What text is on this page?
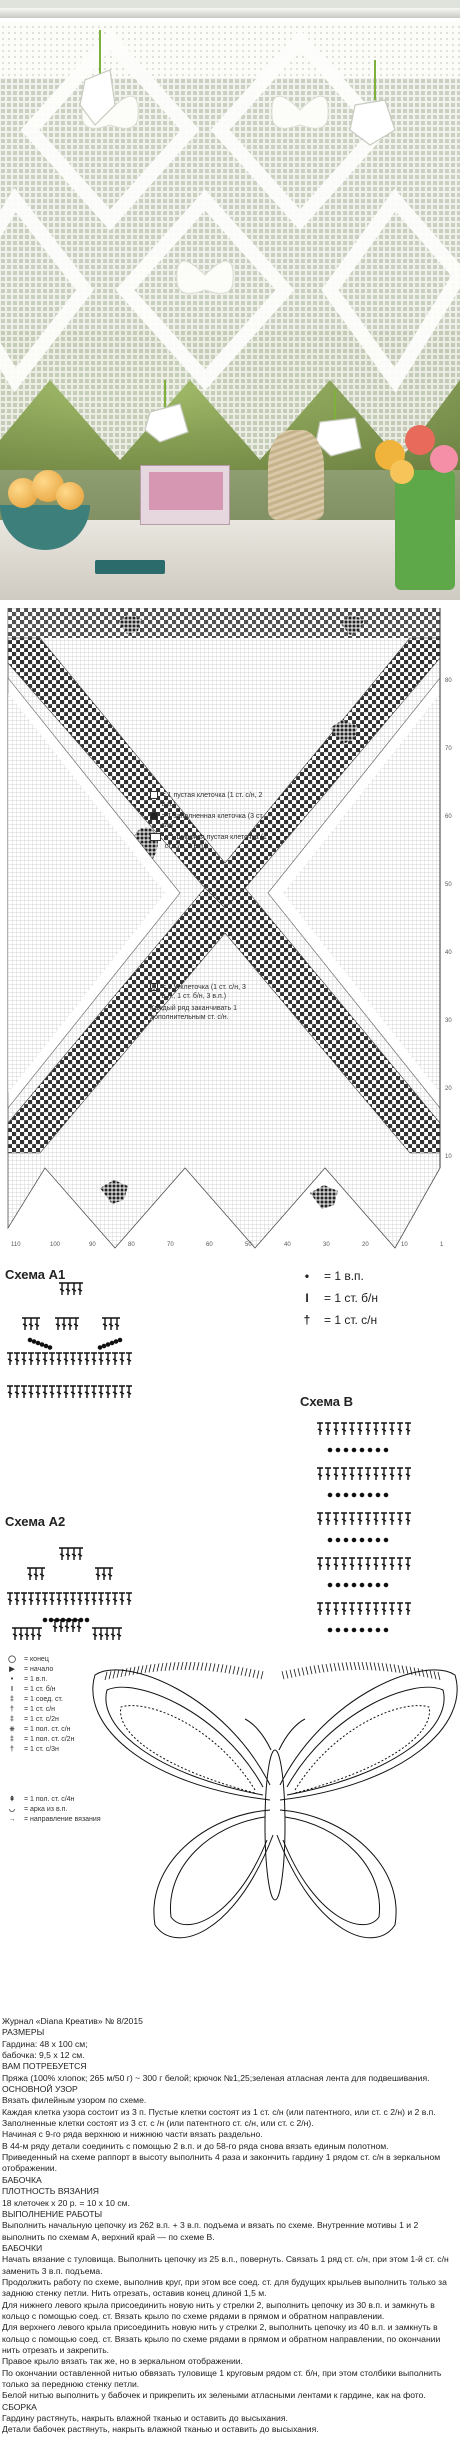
10
20
30
40
50
60
70
80
1
10
20
30
40
50
60
70
80
90
100
110
= 1 пустая клеточка (1 ст. с/н, 2 в.п.)
= 1 заполненная клеточка (3 ст. с/н)
= 1 широкая пустая клеточка (1 ст. с/н, 5 в.п.)
⌄ = 1 V-клеточка (1 ст. с/н, 3 в.п., 1 ст. б/н, 3 в.п.)
Каждый ряд заканчивать 1 дополнительным ст. с/н.
Схема А1
Схема А2
Схема В
•	= 1 в.п.
I	= 1 ст. б/н
†	= 1 ст. с/н
◯	= конец
▶	= начало
•	= 1 в.п.
I	= 1 ст. б/н
‡	= 1 соед. ст.
†	= 1 ст. с/н
‡	= 1 ст. с/2н
⧺	= 1 пол. ст. с/н
‡	= 1 пол. ст. с/2н
†	= 1 ст. с/3н
⇞	= 1 пол. ст. с/4н
◡	= арка из в.п.
→	= направление вязания

Журнал «Diana Креатив» № 8/2015

РАЗМЕРЫ

Гардина: 48 х 100 см;

бабочка: 9,5 х 12 см.

ВАМ ПОТРЕБУЕТСЯ

Пряжа (100% хлопок; 265 м/50 г) ~ 300 г белой; крючок №1,25;зеленая атласная лента для подвешивания.

ОСНОВНОЙ УЗОР

Вязать филейным узором по схеме.

Каждая клетка узора состоит из 3 п. Пустые клетки состоят из 1 ст. с/н (или патентного, или ст. с 2/н) и 2 в.п. Заполненные клетки состоят из 3 ст. с /н (или патентного ст. с/н, или ст. с 2/н).

Начиная с 9-го ряда верхнюю и нижнюю части вязать раздельно.

В 44-м ряду детали соединить с помощью 2 в.п. и до 58-го ряда снова вязать единым полотном.

Приведенный на схеме раппорт в высоту выполнить 4 раза и закончить гардину 1 рядом ст. с/н в зеркальном отображении.

БАБОЧКА

ПЛОТНОСТЬ ВЯЗАНИЯ

18 клеточек х 20 р. = 10 х 10 см.

ВЫПОЛНЕНИЕ РАБОТЫ

Выполнить начальную цепочку из 262 в.п. + 3 в.п. подъема и вязать по схеме. Внутренние мотивы 1 и 2 выполнить по схемам А, верхний край — по схеме В.

БАБОЧКИ

Начать вязание с туловища. Выполнить цепочку из 25 в.п., повернуть. Связать 1 ряд ст. с/н, при этом 1-й ст. с/н заменить 3 в.п. подъема.

Продолжить работу по схеме, выполнив круг, при этом все соед. ст. для будущих крыльев выполнить только за заднюю стенку петли. Нить отрезать, оставив конец длиной 1,5 м.

Для нижнего левого крыла присоединить новую нить у стрелки 2, выполнить цепочку из 30 в.п. и замкнуть в кольцо с помощью соед. ст. Вязать крыло по схеме рядами в прямом и обратном направлении.

Для верхнего левого крыла присоединить новую нить у стрелки 2, выполнить цепочку из 40 в.п. и замкнуть в кольцо с помощью соед. ст. Вязать крыло по схеме рядами в прямом и обратном направлении, по окончании нить отрезать и закрепить.

Правое крыло вязать так же, но в зеркальном отображении.

По окончании оставленной нитью обвязать туловище 1 круговым рядом ст. б/н, при этом столбики выполнить только за переднюю стенку петли.

Белой нитью выполнить у бабочек и прикрепить их зелеными атласными лентами к гардине, как на фото.

СБОРКА

Гардину растянуть, накрыть влажной тканью и оставить до высыхания.

Детали бабочек растянуть, накрыть влажной тканью и оставить до высыхания.
